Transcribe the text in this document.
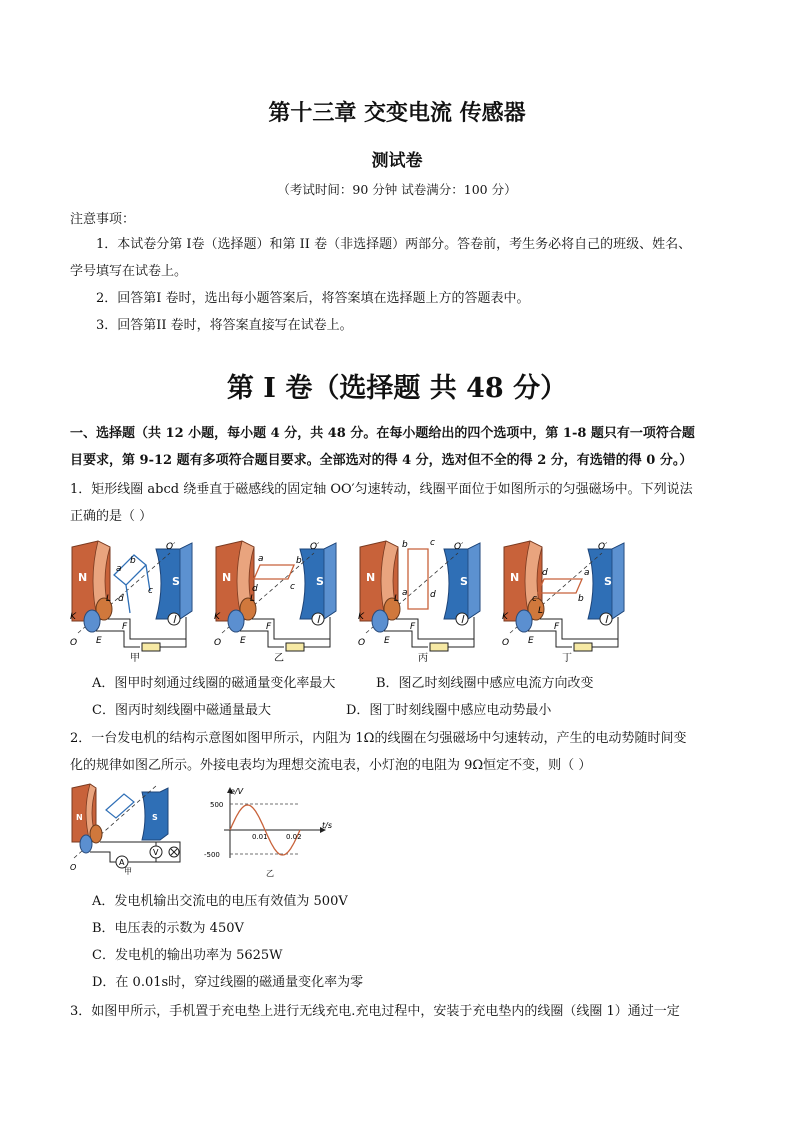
第十三章 交变电流 传感器
测试卷
（考试时间：90 分钟 试卷满分：100 分）
注意事项：
1．本试卷分第 I卷（选择题）和第 II 卷（非选择题）两部分。答卷前，考生务必将自己的班级、姓名、
学号填写在试卷上。
2．回答第I 卷时，选出每小题答案后，将答案填在选择题上方的答题表中。
3．回答第II 卷时，将答案直接写在试卷上。
第 I 卷（选择题 共 48 分）
一、选择题（共 12 小题，每小题 4 分，共 48 分。在每小题给出的四个选项中，第 1-8 题只有一项符合题
目要求，第 9-12 题有多项符合题目要求。全部选对的得 4 分，选对但不全的得 2 分，有选错的得 0 分。）
1．矩形线圈 abcd 绕垂直于磁感线的固定轴 OO′匀速转动，线圈平面位于如图所示的匀强磁场中。下列说法
正确的是（ ）
N	S
b
a
c
d
O′
K
L
E
F
O
甲
N	S
a	b
c
d
O′
K
L
E
F
O
乙
N	S
b c
a d
O′
K
L
E
F
O
丙
N	S
d	a
b
c
O′
K
L
E
F
O
丁
A．图甲时刻通过线圈的磁通量变化率最大	B．图乙时刻线圈中感应电流方向改变
C．图丙时刻线圈中磁通量最大	D．图丁时刻线圈中感应电动势最小
2．一台发电机的结构示意图如图甲所示，内阻为 1Ω的线圈在匀强磁场中匀速转动，产生的电动势随时间变
化的规律如图乙所示。外接电表均为理想交流电表，小灯泡的电阻为 9Ω恒定不变，则（ ）
A
V
N	S
O	甲
e/V
t/s
500
-500
0.01	0.02
乙
A．发电机输出交流电的电压有效值为 500V
B．电压表的示数为 450V
C．发电机的输出功率为 5625W
D．在 0.01s时，穿过线圈的磁通量变化率为零
3．如图甲所示，手机置于充电垫上进行无线充电.充电过程中，安装于充电垫内的线圈（线圈 1）通过一定
